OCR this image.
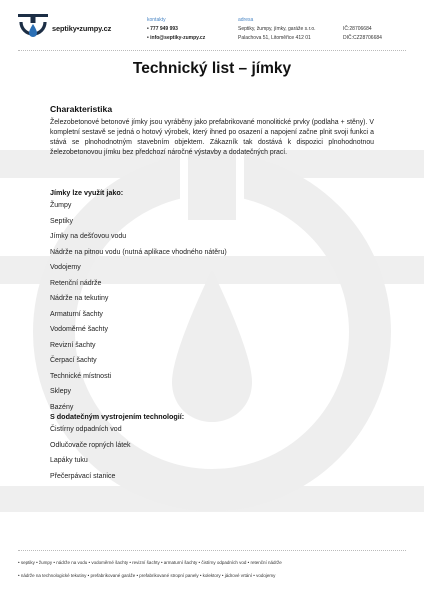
septiky•zumpy.cz
kontakty
• 777 949 993
• info@septiky-zumpy.cz
adresa
Septiky, žumpy, jímky, garáže s.r.o.
Palachova 51, Litoměřice 412 01
IČ:28706684
DIČ:CZ28706684
Technický list – jímky
Charakteristika

Železobetonové betonové jímky jsou vyráběny jako prefabrikované monolitické prvky (podlaha + stěny). V kompletní sestavě se jedná o hotový výrobek, který ihned po osazení a napojení začne plnit svoji funkci a stává se plnohodnotným stavebním objektem. Zákazník tak dostává k dispozici plnohodnotnou železobetonovou jímku bez předchozí náročné výstavby a dodatečných prací.

Jímky lze využít jako:
Žumpy
Septiky
Jímky na dešťovou vodu
Nádrže na pitnou vodu (nutná aplikace vhodného nátěru)
Vodojemy
Retenční nádrže
Nádrže na tekutiny
Armaturní šachty
Vodoměrné šachty
Revizní šachty
Čerpací šachty
Technické místnosti
Sklepy
Bazény
S dodatečným vystrojením technologií:
Čistírny odpadních vod
Odlučovače ropných látek
Lapáky tuku
Přečerpávací stanice
• septiky • žumpy • nádrže na vodu • vodoměrné šachty • revizní šachty • armaturní šachty • čistírny odpadních vod • retenční nádrže
• nádrže na technologické tekutiny • prefabrikované garáže • prefabrikované stropní panely • kolektory • jádrové vrtání • vodojemy
